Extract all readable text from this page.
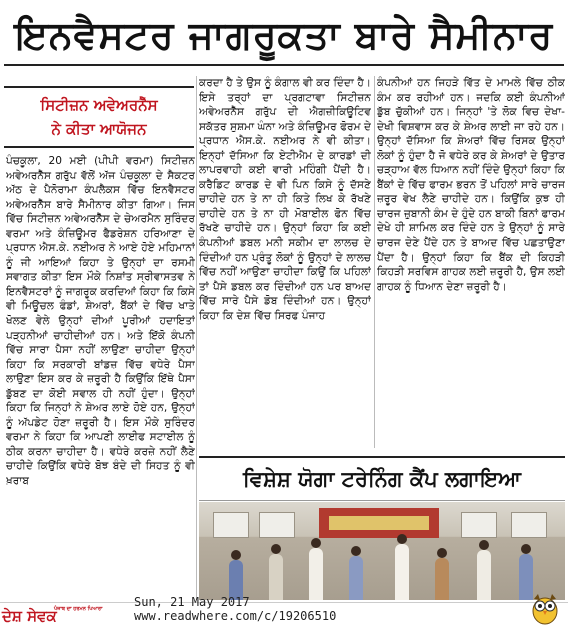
ਇਨਵੈਸਟਰ ਜਾਗਰੂਕਤਾ ਬਾਰੇ ਸੈਮੀਨਾਰ
ਸਿਟੀਜ਼ਨ ਅਵੇਅਰਨੈੱਸ
ਨੇ ਕੀਤਾ ਆਯੋਜਨ
ਪੰਚਕੂਲਾ, 20 ਮਈ (ਪੀਪੀ ਵਰਮਾ) ਸਿਟੀਜ਼ਨ ਅਵੇਅਰਨੈੱਸ ਗਰੁੱਪ ਵੱਲੋਂ ਅੱਜ ਪੰਚਕੂਲਾ ਦੇ ਸੈਕਟਰ ਅੱਠ ਦੇ ਪੈਨੋਰਾਮਾ ਕੰਪਲੈਕਸ ਵਿੱਚ ਇਨਵੈਸਟਰ ਅਵੇਅਰਨੈੱਸ ਬਾਰੇ ਸੈਮੀਨਾਰ ਕੀਤਾ ਗਿਆ। ਜਿਸ ਵਿੱਚ ਸਿਟੀਜ਼ਨ ਅਵੇਅਰਨੈੱਸ ਦੇ ਚੇਅਰਮੈਨ ਸੁਰਿੰਦਰ ਵਰਮਾ ਅਤੇ ਕੰਜ਼ਿਊਮਰ ਫੈਡਰੇਸ਼ਨ ਹਰਿਆਣਾ ਦੇ ਪ੍ਰਧਾਨ ਐਸ.ਕੇ. ਨਈਅਰ ਨੇ ਆਏ ਹੋਏ ਮਹਿਮਾਨਾਂ ਨੂੰ ਜੀ ਆਇਆਂ ਕਿਹਾ ਤੇ ਉਨ੍ਹਾਂ ਦਾ ਰਸਮੀ ਸਵਾਗਤ ਕੀਤਾ ਇਸ ਮੌਕੇ ਨਿਸ਼ਾਂਤ ਸ੍ਰੀਵਾਸਤਵ ਨੇ ਇਨਵੈਸਟਰਾਂ ਨੂੰ ਜਾਗਰੂਕ ਕਰਦਿਆਂ ਕਿਹਾ ਕਿ ਕਿਸੇ ਵੀ ਮਿਊਚਲ ਫੰਡਾਂ, ਸ਼ੇਅਰਾਂ, ਬੈਂਕਾਂ ਦੇ ਵਿੱਚ ਖਾਤੇ ਖੋਲਣ ਵੇਲੇ ਉਨ੍ਹਾਂ ਦੀਆਂ ਪੂਰੀਆਂ ਹਦਾਇਤਾਂ ਪੜ੍ਹਨੀਆਂ ਚਾਹੀਦੀਆਂ ਹਨ। ਅਤੇ ਇੱਕੋ ਕੰਪਨੀ ਵਿੱਚ ਸਾਰਾ ਪੈਸਾ ਨਹੀਂ ਲਾਉਣਾ ਚਾਹੀਦਾ ਉਨ੍ਹਾਂ ਕਿਹਾ ਕਿ ਸਰਕਾਰੀ ਬਾਂਡਜ਼ ਵਿੱਚ ਵਧੇਰੇ ਪੈਸਾ ਲਾਉਣਾ ਇਸ ਕਰ ਕੇ ਜ਼ਰੂਰੀ ਹੈ ਕਿਉਂਕਿ ਇੱਥੇ ਪੈਸਾ ਡੁੱਬਣ ਦਾ ਕੋਈ ਸਵਾਲ ਹੀ ਨਹੀਂ ਹੁੰਦਾ। ਉਨ੍ਹਾਂ ਕਿਹਾ ਕਿ ਜਿਨ੍ਹਾਂ ਨੇ ਸ਼ੇਅਰ ਲਾਏ ਹੋਏ ਹਨ, ਉਨ੍ਹਾਂ ਨੂੰ ਅੱਪਡੇਟ ਹੋਣਾ ਜ਼ਰੂਰੀ ਹੈ। ਇਸ ਮੌਕੇ ਸੁਰਿੰਦਰ ਵਰਮਾ ਨੇ ਕਿਹਾ ਕਿ ਆਪਣੀ ਲਾਈਫ ਸਟਾਈਲ ਨੂੰ ਠੀਕ ਕਰਨਾ ਚਾਹੀਦਾ ਹੈ। ਵਧੇਰੇ ਕਰਜ਼ੇ ਨਹੀਂ ਲੈਣੇ ਚਾਹੀਦੇ ਕਿਉਂਕਿ ਵਧੇਰੇ ਬੋਝ ਬੰਦੇ ਦੀ ਸਿਹਤ ਨੂੰ ਵੀ ਖ਼ਰਾਬ
ਕਰਦਾ ਹੈ ਤੇ ਉਸ ਨੂੰ ਕੰਗਾਲ ਵੀ ਕਰ ਦਿੰਦਾ ਹੈ। ਇਸੇ ਤਰ੍ਹਾਂ ਦਾ ਪ੍ਰਗਟਾਵਾ ਸਿਟੀਜ਼ਨ ਅਵੇਅਰਨੈੱਸ ਗਰੁੱਪ ਦੀ ਐਗਜ਼ੀਕਿਊਟਿਵ ਸਕੱਤਰ ਸੁਸ਼ਮਾ ਘੰਨਾ ਅਤੇ ਕੰਜ਼ਿਊਮਰ ਫੋਰਮ ਦੇ ਪ੍ਰਧਾਨ ਐਸ.ਕੇ. ਨਈਅਰ ਨੇ ਵੀ ਕੀਤਾ। ਇਨ੍ਹਾਂ ਦੱਸਿਆ ਕਿ ਏਟੀਐਮ ਦੇ ਕਾਰਡਾਂ ਦੀ ਲਾਪਰਵਾਹੀ ਕਈ ਵਾਰੀ ਮਹਿੰਗੀ ਪੈਂਦੀ ਹੈ। ਕਰੈਡਿਟ ਕਾਰਡ ਦੇ ਵੀ ਪਿਨ ਕਿਸੇ ਨੂੰ ਦੱਸਣੇ ਚਾਹੀਦੇ ਹਨ ਤੇ ਨਾ ਹੀ ਕਿਤੇ ਲਿਖ ਕੇ ਰੱਖਣੇ ਚਾਹੀਦੇ ਹਨ ਤੇ ਨਾ ਹੀ ਮੋਬਾਈਲ ਫੋਨ ਵਿੱਚ ਰੱਖਣੇ ਚਾਹੀਦੇ ਹਨ। ਉਨ੍ਹਾਂ ਕਿਹਾ ਕਿ ਕਈ ਕੰਪਨੀਆਂ ਡਬਲ ਮਨੀ ਸਕੀਮ ਦਾ ਲਾਲਚ ਦੇ ਦਿੰਦੀਆਂ ਹਨ ਪ੍ਰੰਤੂ ਲੋਕਾਂ ਨੂੰ ਉਨ੍ਹਾਂ ਦੇ ਲਾਲਚ ਵਿੱਚ ਨਹੀਂ ਆਉਣਾ ਚਾਹੀਦਾ ਕਿਉਂ ਕਿ ਪਹਿਲਾਂ ਤਾਂ ਪੈਸੇ ਡਬਲ ਕਰ ਦਿੰਦੀਆਂ ਹਨ ਪਰ ਬਾਅਦ ਵਿੱਚ ਸਾਰੇ ਪੈਸੇ ਡੋਬ ਦਿੰਦੀਆਂ ਹਨ। ਉਨ੍ਹਾਂ ਕਿਹਾ ਕਿ ਦੇਸ਼ ਵਿੱਚ ਸਿਰਫ ਪੰਜਾਹ
ਕੰਪਨੀਆਂ ਹਨ ਜਿਹੜੇ ਵਿੱਤ ਦੇ ਮਾਮਲੇ ਵਿੱਚ ਠੀਕ ਕੰਮ ਕਰ ਰਹੀਆਂ ਹਨ। ਜਦਕਿ ਕਈ ਕੰਪਨੀਆਂ ਡੁੱਬ ਚੁੱਕੀਆਂ ਹਨ। ਜਿਨ੍ਹਾਂ 'ਤੇ ਲੋਕ ਵਿਚ ਦੇਖਾ-ਦੇਖੀ ਵਿਸ਼ਵਾਸ ਕਰ ਕੇ ਸ਼ੇਅਰ ਲਾਈ ਜਾ ਰਹੇ ਹਨ। ਉਨ੍ਹਾਂ ਦੱਸਿਆ ਕਿ ਸ਼ੇਅਰਾਂ ਵਿੱਚ ਰਿਸਕ ਉਨ੍ਹਾਂ ਲੋਕਾਂ ਨੂੰ ਹੁੰਦਾ ਹੈ ਜੋ ਵਧੇਰੇ ਕਰ ਕੇ ਸ਼ੇਅਰਾਂ ਦੇ ਉਤਾਰ ਚੜ੍ਹਾਅ ਵੱਲ ਧਿਆਨ ਨਹੀਂ ਦਿੰਦੇ ਉਨ੍ਹਾਂ ਕਿਹਾ ਕਿ ਬੈਂਕਾਂ ਦੇ ਵਿੱਚ ਫਾਰਮ ਭਰਨ ਤੋਂ ਪਹਿਲਾਂ ਸਾਰੇ ਚਾਰਜ ਜ਼ਰੂਰ ਵੇਖ ਲੈਣੇ ਚਾਹੀਦੇ ਹਨ। ਕਿਉਂਕਿ ਕੁਝ ਹੀ ਚਾਰਜ ਜ਼ੁਬਾਨੀ ਕੰਮ ਦੇ ਹੁੰਦੇ ਹਨ ਬਾਕੀ ਬਿਨਾਂ ਫਾਰਮ ਦੇਖੇ ਹੀ ਸ਼ਾਮਿਲ ਕਰ ਦਿੰਦੇ ਹਨ ਤੇ ਉਨ੍ਹਾਂ ਨੂੰ ਸਾਰੇ ਚਾਰਜ ਦੇਣੇ ਪੈਂਦੇ ਹਨ ਤੇ ਬਾਅਦ ਵਿੱਚ ਪਛਤਾਉਣਾ ਪੈਂਦਾ ਹੈ। ਉਨ੍ਹਾਂ ਕਿਹਾ ਕਿ ਬੈਂਕ ਦੀ ਕਿਹੜੀ ਕਿਹੜੀ ਸਰਵਿਸ ਗਾਹਕ ਲਈ ਜ਼ਰੂਰੀ ਹੈ, ਉਸ ਲਈ ਗਾਹਕ ਨੂੰ ਧਿਆਨ ਦੇਣਾ ਜ਼ਰੂਰੀ ਹੈ।
ਵਿਸ਼ੇਸ਼ ਯੋਗਾ ਟਰੇਨਿੰਗ ਕੈਂਪ ਲਗਾਇਆ
ਪੰਜਾਬ ਦਾ ਹਰਮਨ ਪਿਆਰਾ
ਦੇਸ਼ ਸੇਵਕ
Sun, 21 May 2017
www.readwhere.com/c/19206510
